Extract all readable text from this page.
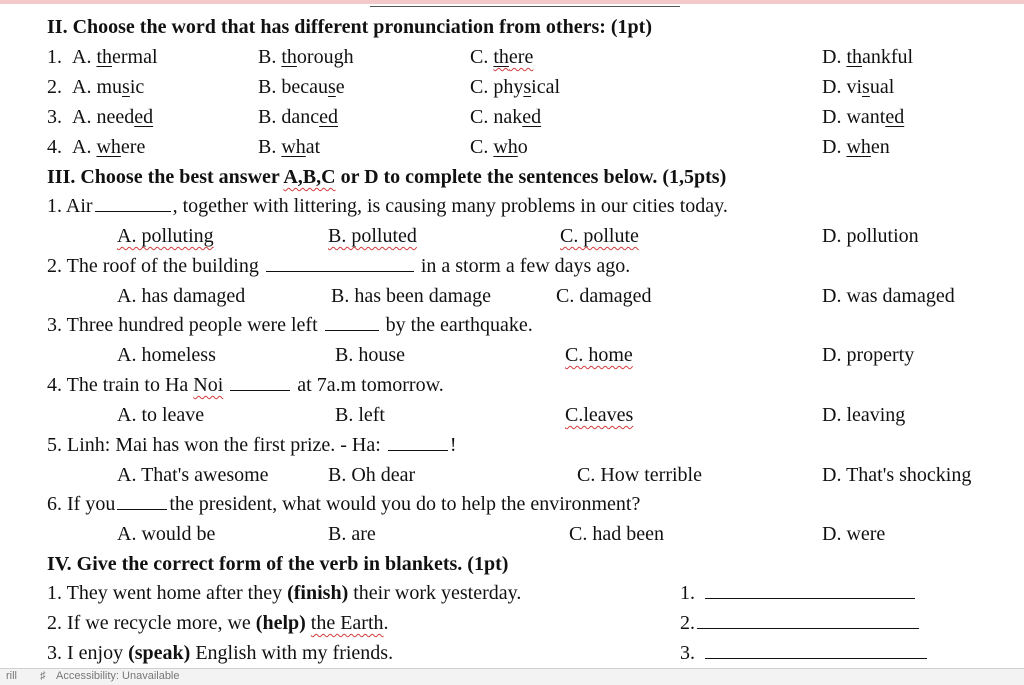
II. Choose the word that has different pronunciation from others: (1pt)
1. A. thermal	B. thorough	C. there	D. thankful
2. A. music	B. because	C. physical	D. visual
3. A. needed	B. danced	C. naked	D. wanted
4. A. where	B. what	C. who	D. when
III. Choose the best answer A,B,C or D to complete the sentences below. (1,5pts)
1. Air	, together with littering, is causing many problems in our cities today.
A. polluting	B. polluted	C. pollute	D. pollution
2. The roof of the building	in a storm a few days ago.
A. has damaged	B. has been damage	C. damaged	D. was damaged
3. Three hundred people were left	by the earthquake.
A. homeless	B. house	C. home	D. property
4. The train to Ha Noi	at 7a.m tomorrow.
A. to leave	B. left	C.leaves	D. leaving
5. Linh: Mai has won the first prize. - Ha:	!
A. That's awesome	B. Oh dear	C. How terrible	D. That's shocking
6. If you	the president, what would you do to help the environment?
A. would be	B. are	C. had been	D. were
IV. Give the correct form of the verb in blankets. (1pt)
1. They went home after they (finish) their work yesterday.	1.
2. If we recycle more, we (help) the Earth.	2.
3. I enjoy (speak) English with my friends.	3.
rill ♯ Accessibility: Unavailable
